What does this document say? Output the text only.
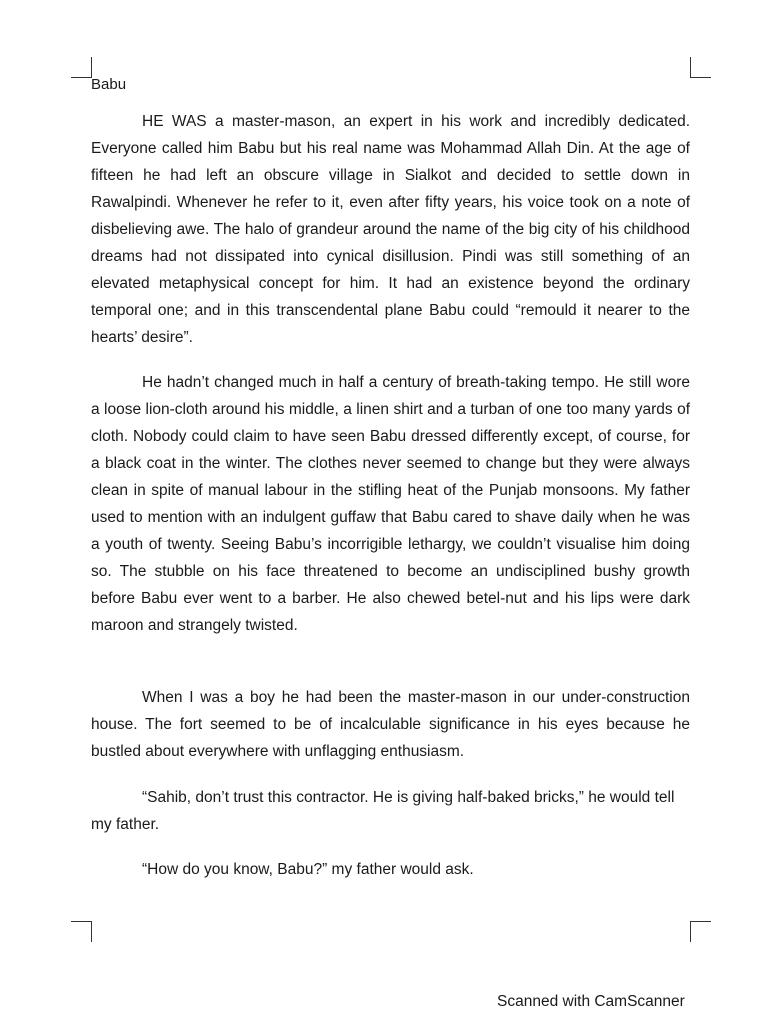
Babu

HE WAS a master-mason, an expert in his work and incredibly dedicated. Everyone called him Babu but his real name was Mohammad Allah Din. At the age of fifteen he had left an obscure village in Sialkot and decided to settle down in Rawalpindi. Whenever he refer to it, even after fifty years, his voice took on a note of disbelieving awe. The halo of grandeur around the name of the big city of his childhood dreams had not dissipated into cynical disillusion. Pindi was still something of an elevated metaphysical concept for him. It had an existence beyond the ordinary temporal one; and in this transcendental plane Babu could “remould it nearer to the hearts’ desire”.

He hadn’t changed much in half a century of breath-taking tempo. He still wore a loose lion-cloth around his middle, a linen shirt and a turban of one too many yards of cloth. Nobody could claim to have seen Babu dressed differently except, of course, for a black coat in the winter. The clothes never seemed to change but they were always clean in spite of manual labour in the stifling heat of the Punjab monsoons. My father used to mention with an indulgent guffaw that Babu cared to shave daily when he was a youth of twenty. Seeing Babu’s incorrigible lethargy, we couldn’t visualise him doing so. The stubble on his face threatened to become an undisciplined bushy growth before Babu ever went to a barber. He also chewed betel-nut and his lips were dark maroon and strangely twisted.

When I was a boy he had been the master-mason in our under-construction house. The fort seemed to be of incalculable significance in his eyes because he bustled about everywhere with unflagging enthusiasm.

“Sahib, don’t trust this contractor. He is giving half-baked bricks,” he would tell my father.

“How do you know, Babu?” my father would ask.

Scanned with CamScanner
